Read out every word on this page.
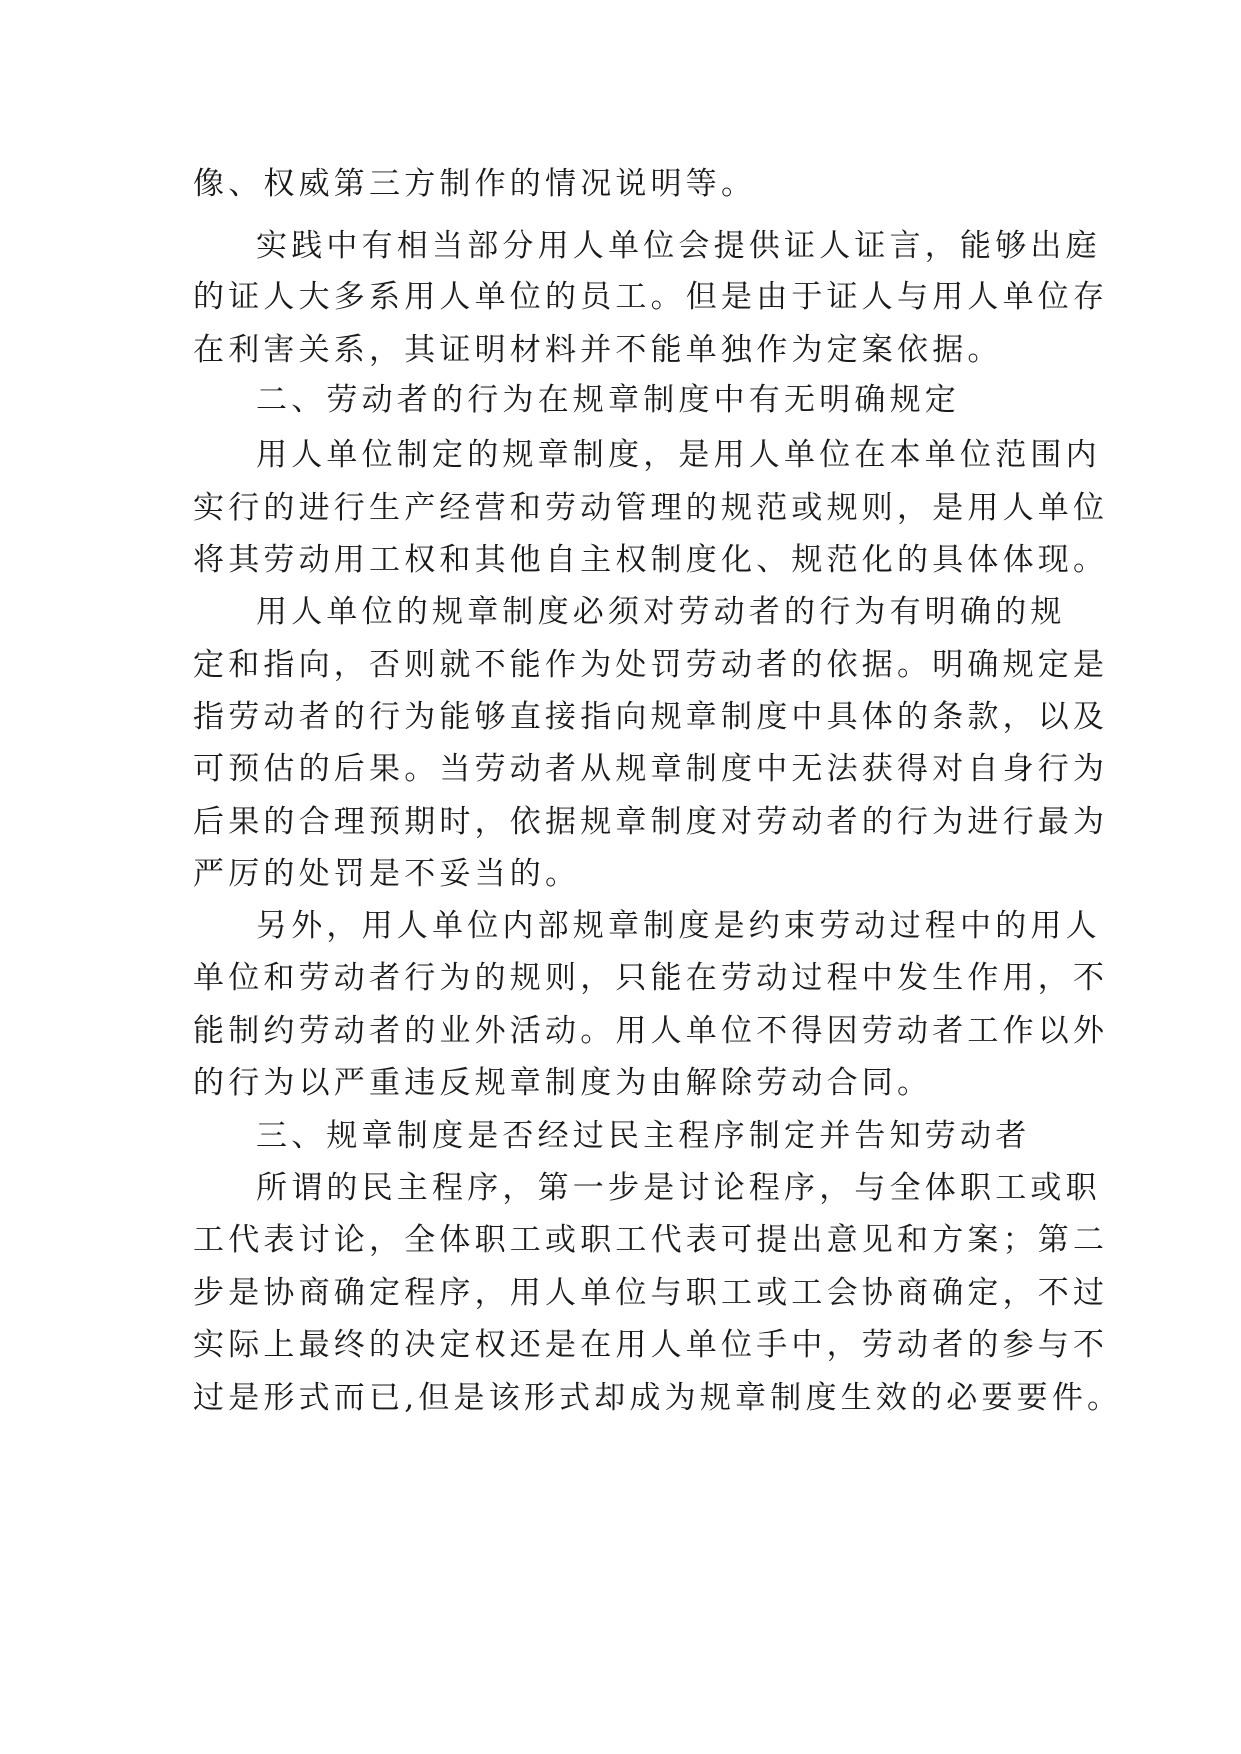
像、权威第三方制作的情况说明等。
实践中有相当部分用人单位会提供证人证言，能够出庭
的证人大多系用人单位的员工。但是由于证人与用人单位存
在利害关系，其证明材料并不能单独作为定案依据。
二、劳动者的行为在规章制度中有无明确规定
用人单位制定的规章制度，是用人单位在本单位范围内
实行的进行生产经营和劳动管理的规范或规则，是用人单位
将其劳动用工权和其他自主权制度化、规范化的具体体现。
用人单位的规章制度必须对劳动者的行为有明确的规
定和指向，否则就不能作为处罚劳动者的依据。明确规定是
指劳动者的行为能够直接指向规章制度中具体的条款，以及
可预估的后果。当劳动者从规章制度中无法获得对自身行为
后果的合理预期时，依据规章制度对劳动者的行为进行最为
严厉的处罚是不妥当的。
另外，用人单位内部规章制度是约束劳动过程中的用人
单位和劳动者行为的规则，只能在劳动过程中发生作用，不
能制约劳动者的业外活动。用人单位不得因劳动者工作以外
的行为以严重违反规章制度为由解除劳动合同。
三、规章制度是否经过民主程序制定并告知劳动者
所谓的民主程序，第一步是讨论程序，与全体职工或职
工代表讨论，全体职工或职工代表可提出意见和方案；第二
步是协商确定程序，用人单位与职工或工会协商确定，不过
实际上最终的决定权还是在用人单位手中，劳动者的参与不
过是形式而已,但是该形式却成为规章制度生效的必要要件。
